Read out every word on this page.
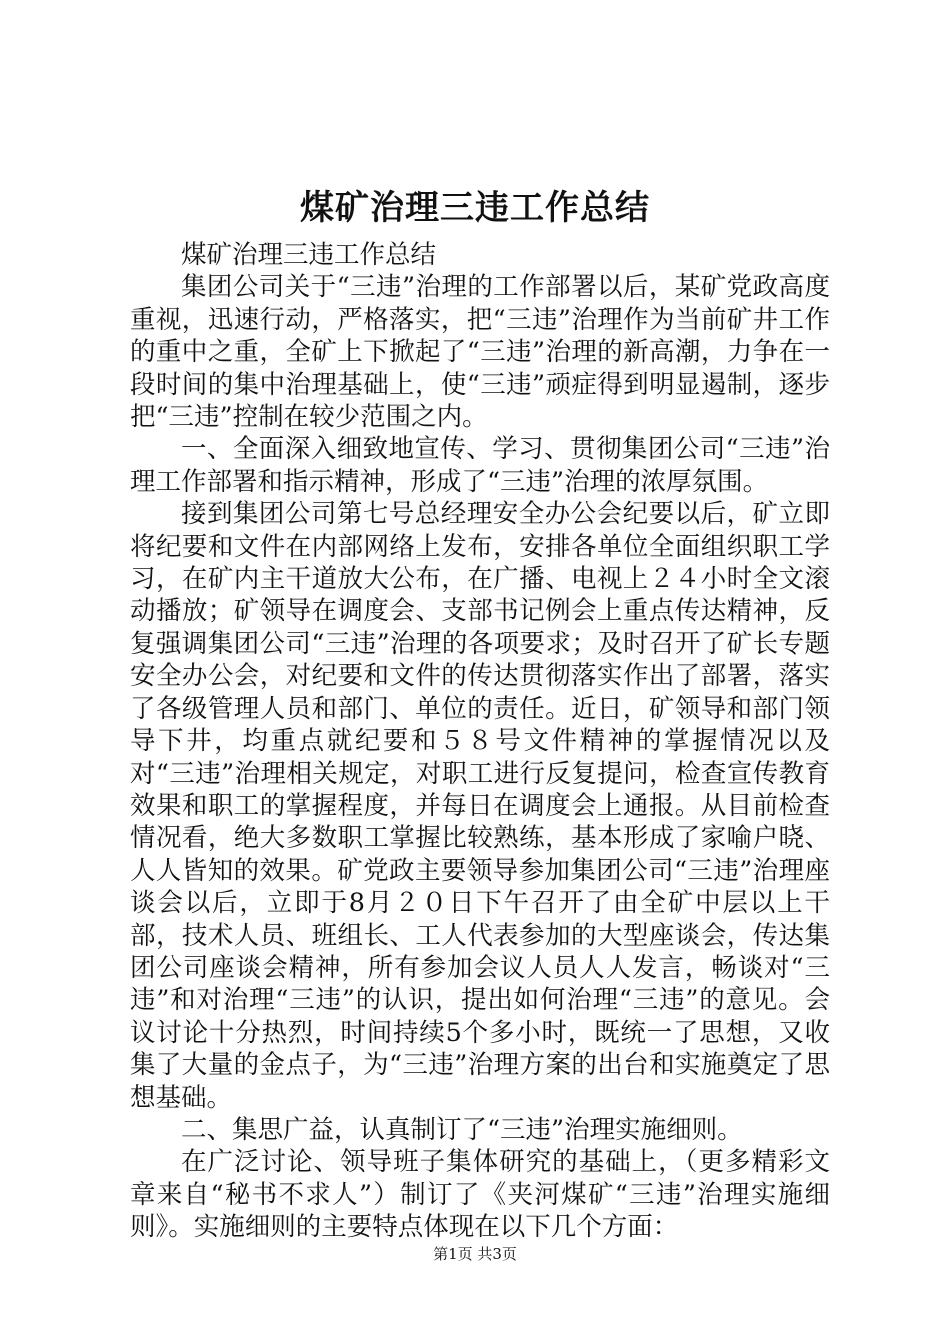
煤矿治理三违工作总结

煤矿治理三违工作总结

集团公司关于“三违”治理的工作部署以后，某矿党政高度重视，迅速行动，严格落实，把“三违”治理作为当前矿井工作的重中之重，全矿上下掀起了“三违”治理的新高潮，力争在一段时间的集中治理基础上，使“三违”顽症得到明显遏制，逐步把“三违”控制在较少范围之内。

一、全面深入细致地宣传、学习、贯彻集团公司“三违”治理工作部署和指示精神，形成了“三违”治理的浓厚氛围。

接到集团公司第七号总经理安全办公会纪要以后，矿立即将纪要和文件在内部网络上发布，安排各单位全面组织职工学习，在矿内主干道放大公布，在广播、电视上２４小时全文滚动播放；矿领导在调度会、支部书记例会上重点传达精神，反复强调集团公司“三违”治理的各项要求；及时召开了矿长专题安全办公会，对纪要和文件的传达贯彻落实作出了部署，落实了各级管理人员和部门、单位的责任。近日，矿领导和部门领导下井，均重点就纪要和５８号文件精神的掌握情况以及对“三违”治理相关规定，对职工进行反复提问，检查宣传教育效果和职工的掌握程度，并每日在调度会上通报。从目前检查情况看，绝大多数职工掌握比较熟练，基本形成了家喻户晓、人人皆知的效果。矿党政主要领导参加集团公司“三违”治理座谈会以后，立即于8月２０日下午召开了由全矿中层以上干部，技术人员、班组长、工人代表参加的大型座谈会，传达集团公司座谈会精神，所有参加会议人员人人发言，畅谈对“三违”和对治理“三违”的认识，提出如何治理“三违”的意见。会议讨论十分热烈，时间持续5个多小时，既统一了思想，又收集了大量的金点子，为“三违”治理方案的出台和实施奠定了思想基础。

二、集思广益，认真制订了“三违”治理实施细则。

在广泛讨论、领导班子集体研究的基础上，（更多精彩文章来自“秘书不求人”）制订了《夹河煤矿“三违”治理实施细则》。实施细则的主要特点体现在以下几个方面：

第1页 共3页
